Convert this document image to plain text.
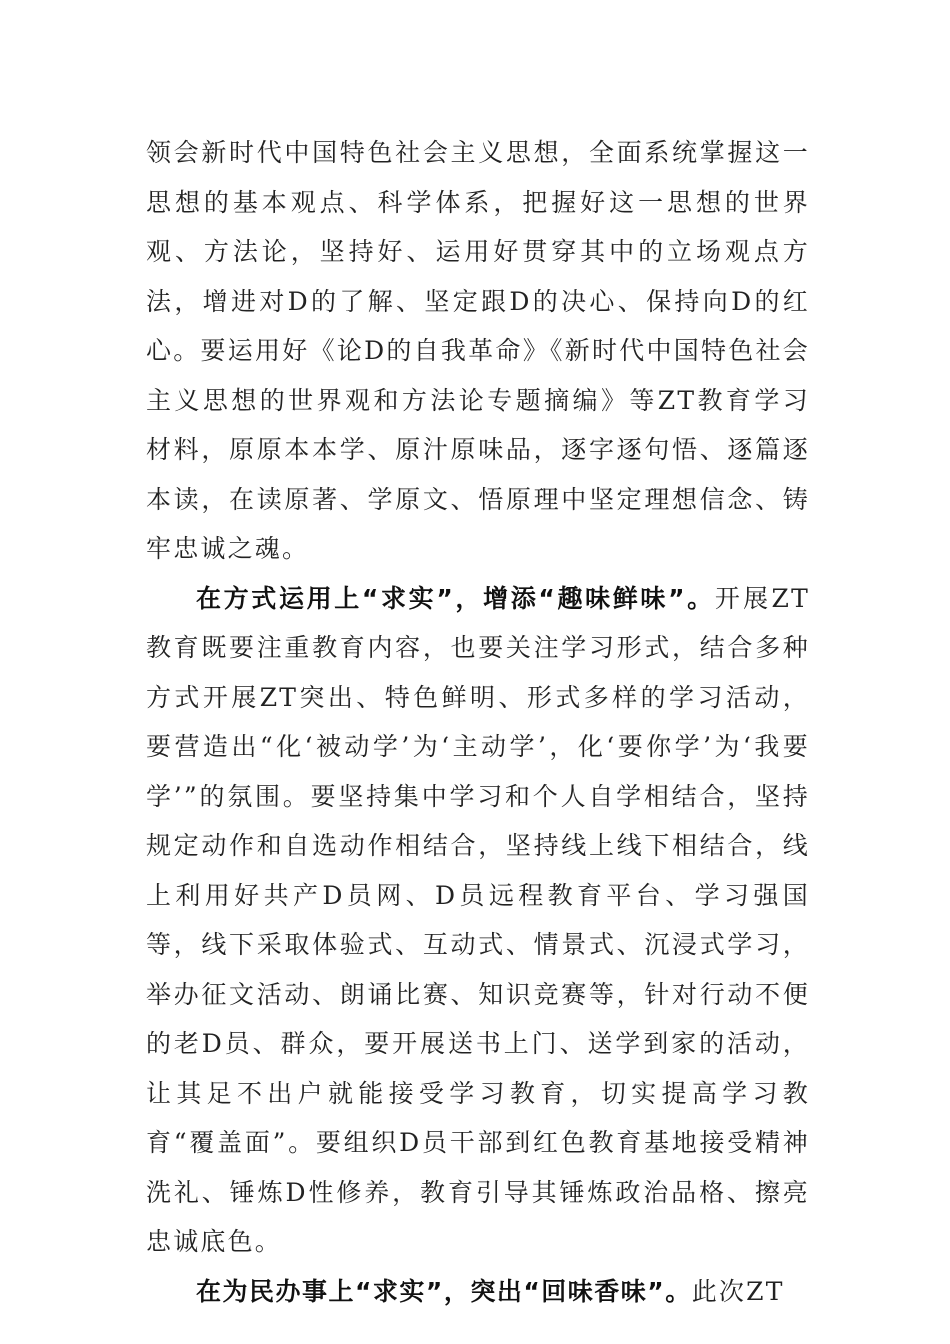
领会新时代中国特色社会主义思想，全面系统掌握这一思想的基本观点、科学体系，把握好这一思想的世界观、方法论，坚持好、运用好贯穿其中的立场观点方法，增进对D的了解、坚定跟D的决心、保持向D的红心。要运用好《论D的自我革命》《新时代中国特色社会主义思想的世界观和方法论专题摘编》等ZT教育学习材料，原原本本学、原汁原味品，逐字逐句悟、逐篇逐本读，在读原著、学原文、悟原理中坚定理想信念、铸牢忠诚之魂。

在方式运用上“求实”，增添“趣味鲜味”。开展ZT教育既要注重教育内容，也要关注学习形式，结合多种方式开展ZT突出、特色鲜明、形式多样的学习活动，要营造出“化‘被动学’为‘主动学’，化‘要你学’为‘我要学’”的氛围。要坚持集中学习和个人自学相结合，坚持规定动作和自选动作相结合，坚持线上线下相结合，线上利用好共产D员网、D员远程教育平台、学习强国等，线下采取体验式、互动式、情景式、沉浸式学习，举办征文活动、朗诵比赛、知识竞赛等，针对行动不便的老D员、群众，要开展送书上门、送学到家的活动，让其足不出户就能接受学习教育，切实提高学习教育“覆盖面”。要组织D员干部到红色教育基地接受精神洗礼、锤炼D性修养，教育引导其锤炼政治品格、擦亮忠诚底色。

在为民办事上“求实”，突出“回味香味”。此次ZT
